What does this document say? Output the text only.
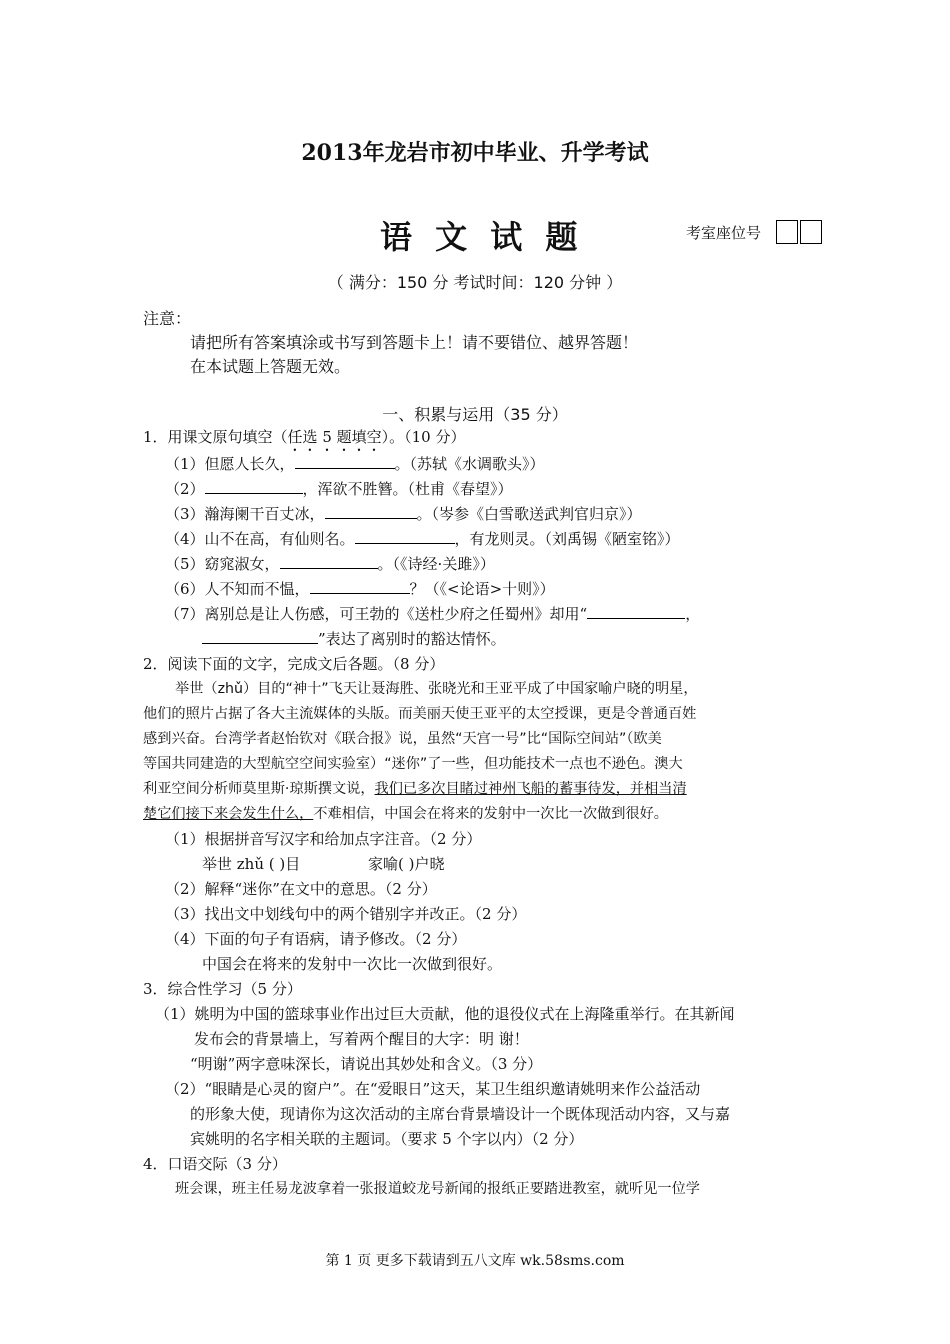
2013年龙岩市初中毕业、升学考试
语 文 试 题	考室座位号
（ 满分：150 分 考试时间：120 分钟 ）
注意：
请把所有答案填涂或书写到答题卡上！请不要错位、越界答题！
在本试题上答题无效。
一、积累与运用（35 分）
1．用课文原句填空（任选 5 题填空）。（10 分）
（1）但愿人长久，	。（苏轼《水调歌头》）
（2）	，浑欲不胜簪。（杜甫《春望》）
（3）瀚海阑干百丈冰，	。（岑参《白雪歌送武判官归京》）
（4）山不在高，有仙则名。	，有龙则灵。（刘禹锡《陋室铭》）
（5）窈窕淑女，	。（《诗经·关雎》）
（6）人不知而不愠，	？（《<论语>十则》）
（7）离别总是让人伤感，可王勃的《送杜少府之任蜀州》却用“	，
”表达了离别时的豁达情怀。
2．阅读下面的文字，完成文后各题。（8 分）
举世（zhǔ）目的“神十”飞天让聂海胜、张晓光和王亚平成了中国家喻户晓的明星，
他们的照片占据了各大主流媒体的头版。而美丽天使王亚平的太空授课，更是令普通百姓
感到兴奋。台湾学者赵怡钦对《联合报》说，虽然“天宫一号”比“国际空间站”（欧美
等国共同建造的大型航空空间实验室）“迷你”了一些，但功能技术一点也不逊色。澳大
利亚空间分析师莫里斯·琼斯撰文说，我们已多次目睹过神州飞船的蓄事待发，并相当清
楚它们接下来会发生什么，不难相信，中国会在将来的发射中一次比一次做到很好。
（1）根据拼音写汉字和给加点字注音。（2 分）
举世 zhǔ ( )目	家喻( )户晓
（2）解释“迷你”在文中的意思。（2 分）
（3）找出文中划线句中的两个错别字并改正。（2 分）
（4）下面的句子有语病，请予修改。（2 分）
中国会在将来的发射中一次比一次做到很好。
3．综合性学习（5 分）
（1）姚明为中国的篮球事业作出过巨大贡献，他的退役仪式在上海隆重举行。在其新闻
发布会的背景墙上，写着两个醒目的大字：明 谢！
“明谢”两字意味深长，请说出其妙处和含义。（3 分）
（2）“眼睛是心灵的窗户”。在“爱眼日”这天，某卫生组织邀请姚明来作公益活动
的形象大使，现请你为这次活动的主席台背景墙设计一个既体现活动内容，又与嘉
宾姚明的名字相关联的主题词。（要求 5 个字以内）（2 分）
4．口语交际（3 分）
班会课，班主任易龙波拿着一张报道蛟龙号新闻的报纸正要踏进教室，就听见一位学
第 1 页 更多下载请到五八文库 wk.58sms.com
